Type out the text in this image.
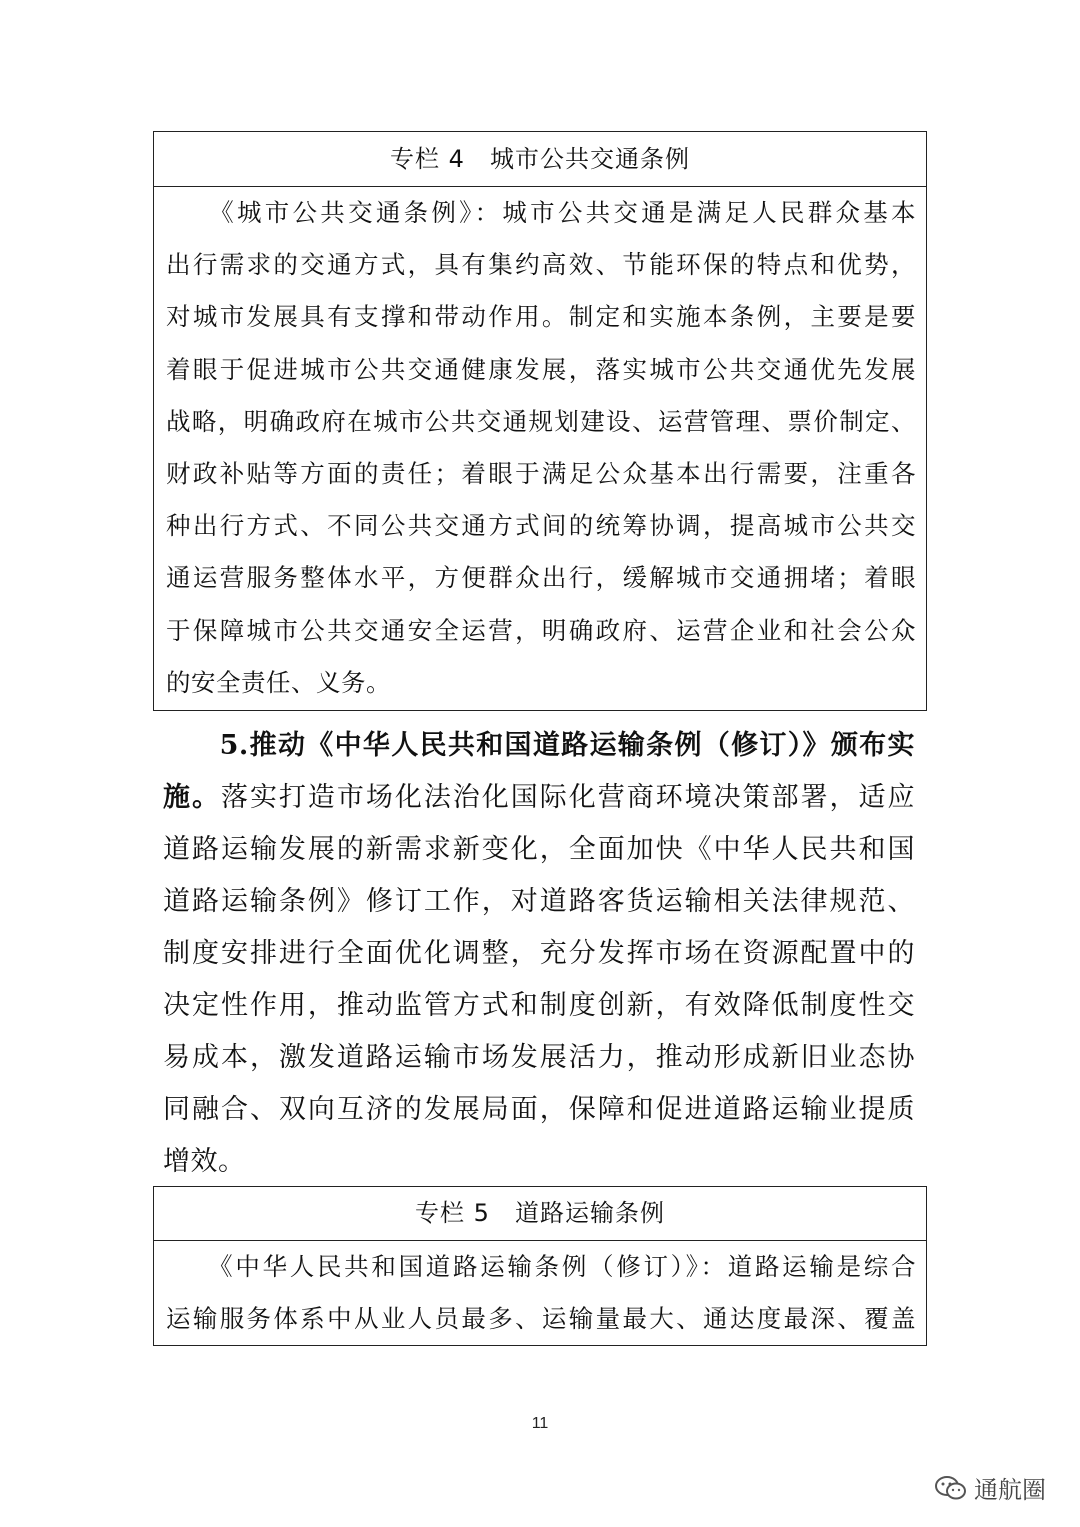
专栏 4　城市公共交通条例
　　《城市公共交通条例》：城市公共交通是满足人民群众基本
出行需求的交通方式，具有集约高效、节能环保的特点和优势，
对城市发展具有支撑和带动作用。制定和实施本条例，主要是要
着眼于促进城市公共交通健康发展，落实城市公共交通优先发展
战略，明确政府在城市公共交通规划建设、运营管理、票价制定、
财政补贴等方面的责任；着眼于满足公众基本出行需要，注重各
种出行方式、不同公共交通方式间的统筹协调，提高城市公共交
通运营服务整体水平，方便群众出行，缓解城市交通拥堵；着眼
于保障城市公共交通安全运营，明确政府、运营企业和社会公众
的安全责任、义务。
　　5.推动《中华人民共和国道路运输条例（修订）》颁布实
施。落实打造市场化法治化国际化营商环境决策部署，适应
道路运输发展的新需求新变化，全面加快《中华人民共和国
道路运输条例》修订工作，对道路客货运输相关法律规范、
制度安排进行全面优化调整，充分发挥市场在资源配置中的
决定性作用，推动监管方式和制度创新，有效降低制度性交
易成本，激发道路运输市场发展活力，推动形成新旧业态协
同融合、双向互济的发展局面，保障和促进道路运输业提质
增效。
专栏 5　道路运输条例
　　《中华人民共和国道路运输条例（修订）》：道路运输是综合
运输服务体系中从业人员最多、运输量最大、通达度最深、覆盖
11
通航圈
